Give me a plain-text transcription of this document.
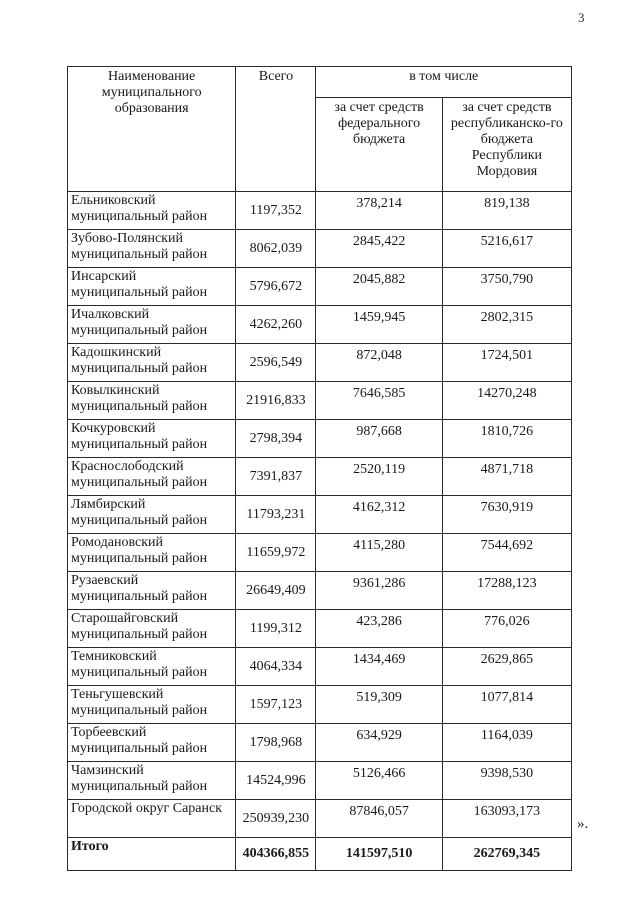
3
Наименование муниципального образования	Всего	в том числе	
		за счет средств федерального бюджета	за счет средств республиканско-го бюджета Республики Мордовия
Ельниковский муниципальный район	1197,352	378,214	819,138
Зубово-Полянский муниципальный район	8062,039	2845,422	5216,617
Инсарский муниципальный район	5796,672	2045,882	3750,790
Ичалковский муниципальный район	4262,260	1459,945	2802,315
Кадошкинский муниципальный район	2596,549	872,048	1724,501
Ковылкинский муниципальный район	21916,833	7646,585	14270,248
Кочкуровский муниципальный район	2798,394	987,668	1810,726
Краснослободский муниципальный район	7391,837	2520,119	4871,718
Лямбирский муниципальный район	11793,231	4162,312	7630,919
Ромодановский муниципальный район	11659,972	4115,280	7544,692
Рузаевский муниципальный район	26649,409	9361,286	17288,123
Старошайговский муниципальный район	1199,312	423,286	776,026
Темниковский муниципальный район	4064,334	1434,469	2629,865
Теньгушевский муниципальный район	1597,123	519,309	1077,814
Торбеевский муниципальный район	1798,968	634,929	1164,039
Чамзинский муниципальный район	14524,996	5126,466	9398,530
Городской округ Саранск	250939,230	87846,057	163093,173
Итого	404366,855	141597,510	262769,345
».
